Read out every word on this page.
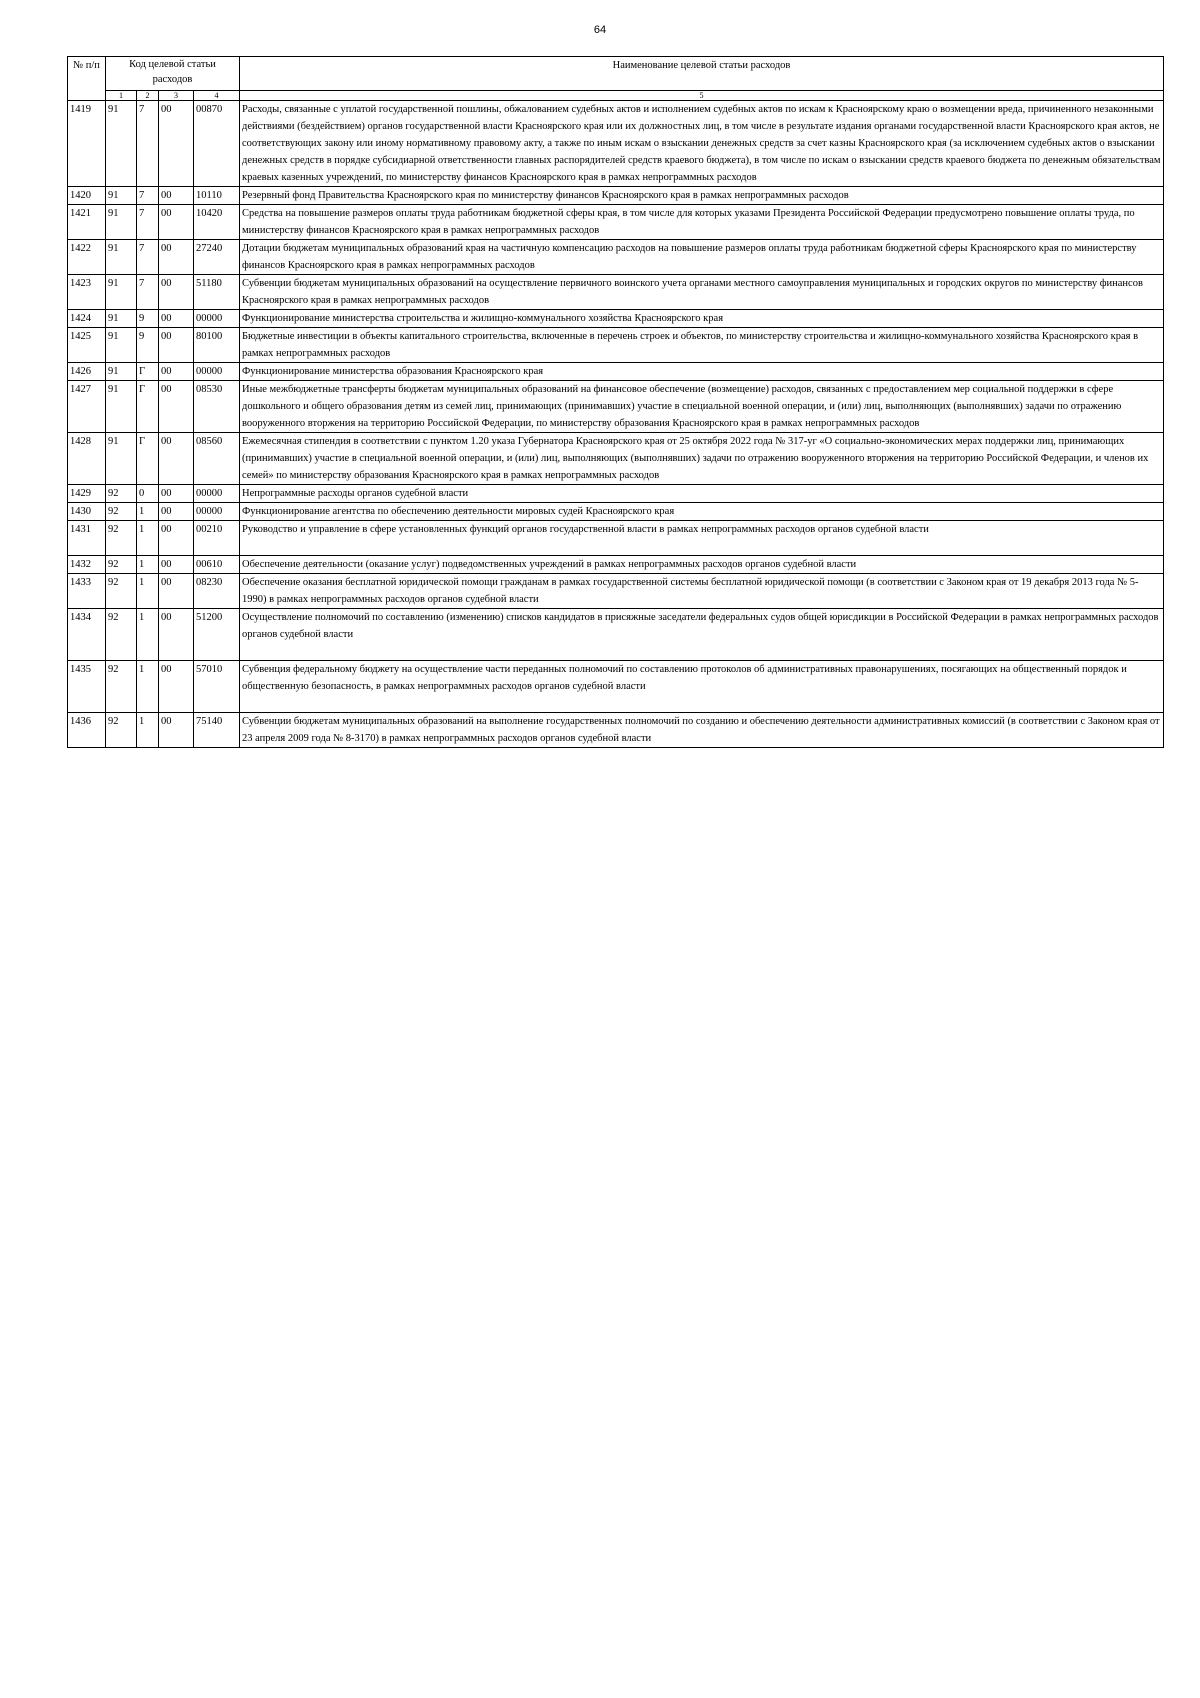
64
№ п/п	Код целевой статьи расходов				Наименование целевой статьи расходов
	1	2	3	4	5
1419	91	7	00	00870	Расходы, связанные с уплатой государственной пошлины, обжалованием судебных актов и исполнением судебных актов по искам к Красноярскому краю о возмещении вреда, причиненного незаконными действиями (бездействием) органов государственной власти Красноярского края или их должностных лиц, в том числе в результате издания органами государственной власти Красноярского края актов, не соответствующих закону или иному нормативному правовому акту, а также по иным искам о взыскании денежных средств за счет казны Красноярского края (за исключением судебных актов о взыскании денежных средств в порядке субсидиарной ответственности главных распорядителей средств краевого бюджета), в том числе по искам о взыскании средств краевого бюджета по денежным обязательствам краевых казенных учреждений, по министерству финансов Красноярского края в рамках непрограммных расходов
1420	91	7	00	10110	Резервный фонд Правительства Красноярского края по министерству финансов Красноярского края в рамках непрограммных расходов
1421	91	7	00	10420	Средства на повышение размеров оплаты труда работникам бюджетной сферы края, в том числе для которых указами Президента Российской Федерации предусмотрено повышение оплаты труда, по министерству финансов Красноярского края в рамках непрограммных расходов
1422	91	7	00	27240	Дотации бюджетам муниципальных образований края на частичную компенсацию расходов на повышение размеров оплаты труда работникам бюджетной сферы Красноярского края по министерству финансов Красноярского края в рамках непрограммных расходов
1423	91	7	00	51180	Субвенции бюджетам муниципальных образований на осуществление первичного воинского учета органами местного самоуправления муниципальных и городских округов по министерству финансов Красноярского края в рамках непрограммных расходов
1424	91	9	00	00000	Функционирование министерства строительства и жилищно-коммунального хозяйства Красноярского края
1425	91	9	00	80100	Бюджетные инвестиции в объекты капитального строительства, включенные в перечень строек и объектов, по министерству строительства и жилищно-коммунального хозяйства Красноярского края в рамках непрограммных расходов
1426	91	Г	00	00000	Функционирование министерства образования Красноярского края
1427	91	Г	00	08530	Иные межбюджетные трансферты бюджетам муниципальных образований на финансовое обеспечение (возмещение) расходов, связанных с предоставлением мер социальной поддержки в сфере дошкольного и общего образования детям из семей лиц, принимающих (принимавших) участие в специальной военной операции, и (или) лиц, выполняющих (выполнявших) задачи по отражению вооруженного вторжения на территорию Российской Федерации, по министерству образования Красноярского края в рамках непрограммных расходов
1428	91	Г	00	08560	Ежемесячная стипендия в соответствии с пунктом 1.20 указа Губернатора Красноярского края от 25 октября 2022 года № 317-уг «О социально-экономических мерах поддержки лиц, принимающих (принимавших) участие в специальной военной операции, и (или) лиц, выполняющих (выполнявших) задачи по отражению вооруженного вторжения на территорию Российской Федерации, и членов их семей» по министерству образования Красноярского края в рамках непрограммных расходов
1429	92	0	00	00000	Непрограммные расходы органов судебной власти
1430	92	1	00	00000	Функционирование агентства по обеспечению деятельности мировых судей Красноярского края
1431	92	1	00	00210	Руководство и управление в сфере установленных функций органов государственной власти в рамках непрограммных расходов органов судебной власти
1432	92	1	00	00610	Обеспечение деятельности (оказание услуг) подведомственных учреждений в рамках непрограммных расходов органов судебной власти
1433	92	1	00	08230	Обеспечение оказания бесплатной юридической помощи гражданам в рамках государственной системы бесплатной юридической помощи (в соответствии с Законом края от 19 декабря 2013 года № 5-1990) в рамках непрограммных расходов органов судебной власти
1434	92	1	00	51200	Осуществление полномочий по составлению (изменению) списков кандидатов в присяжные заседатели федеральных судов общей юрисдикции в Российской Федерации в рамках непрограммных расходов органов судебной власти
1435	92	1	00	57010	Субвенция федеральному бюджету на осуществление части переданных полномочий по составлению протоколов об административных правонарушениях, посягающих на общественный порядок и общественную безопасность, в рамках непрограммных расходов органов судебной власти
1436	92	1	00	75140	Субвенции бюджетам муниципальных образований на выполнение государственных полномочий по созданию и обеспечению деятельности административных комиссий (в соответствии с Законом края от 23 апреля 2009 года № 8-3170) в рамках непрограммных расходов органов судебной власти
